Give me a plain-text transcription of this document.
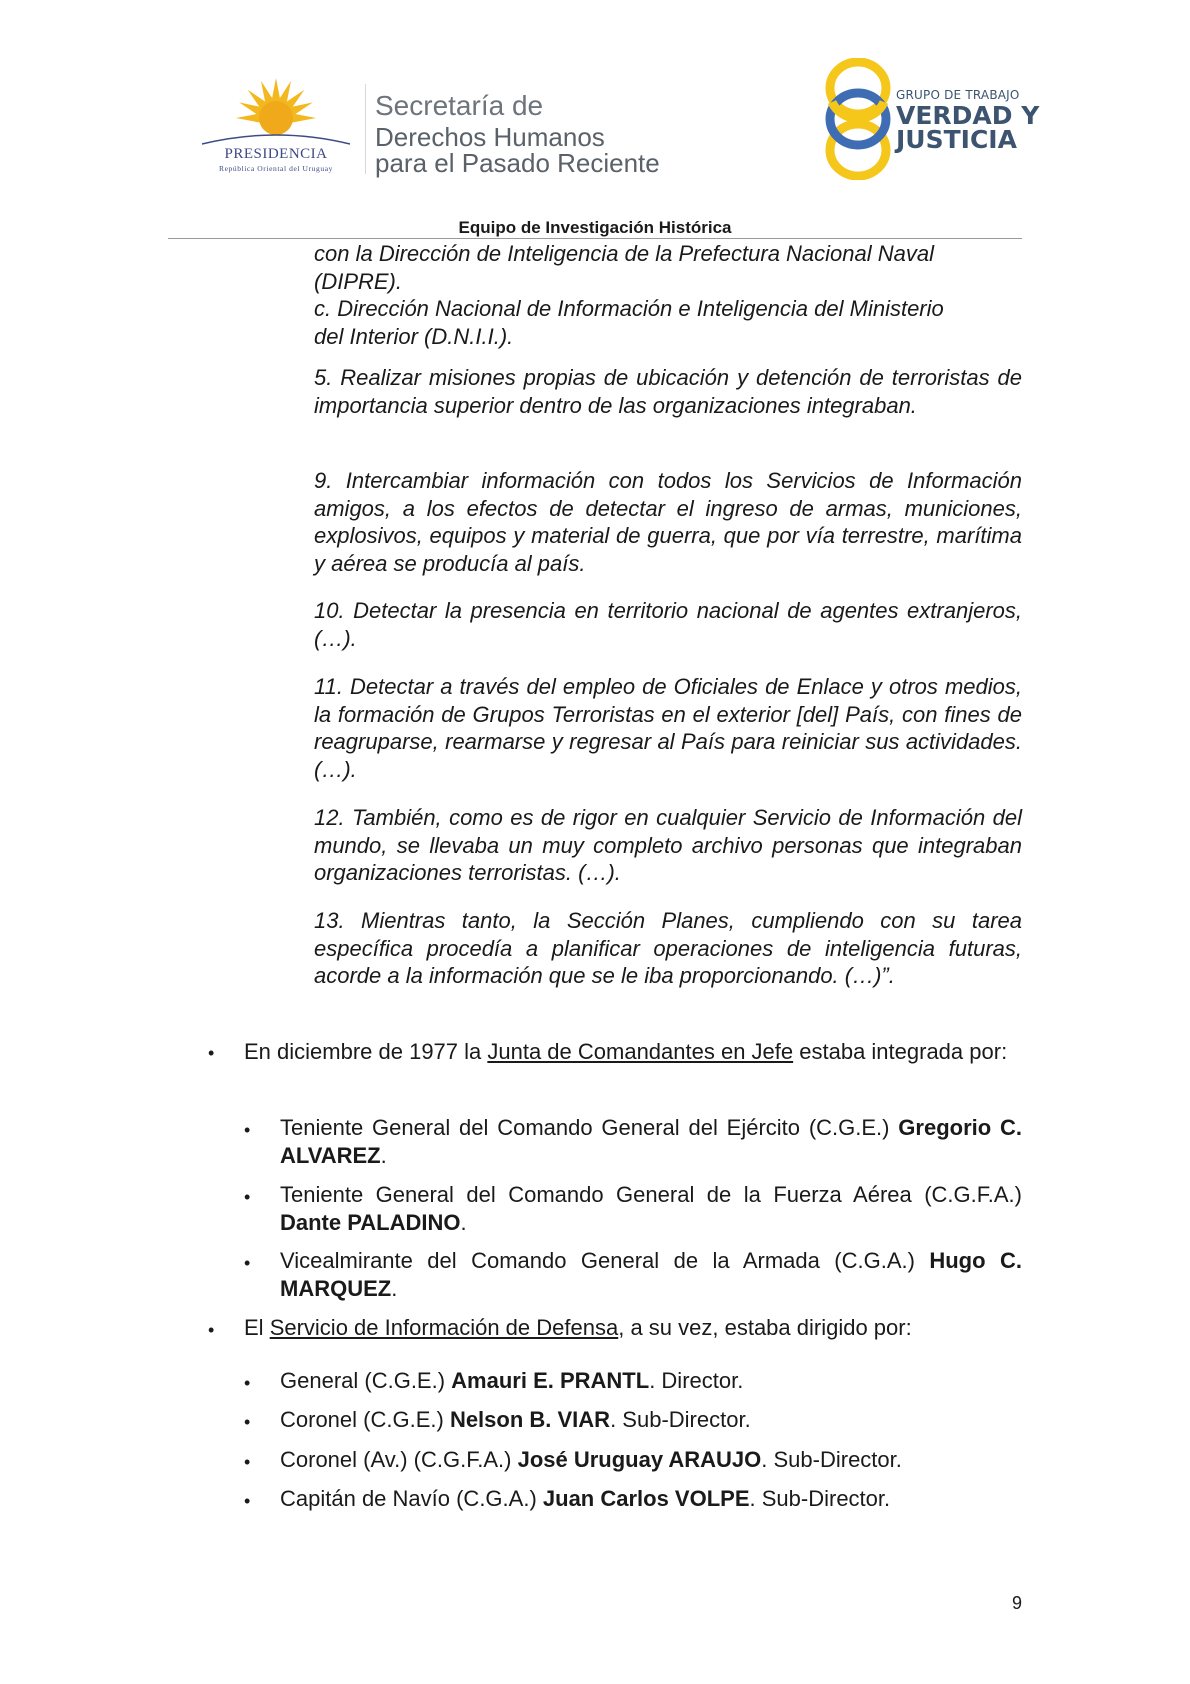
PRESIDENCIA
República Oriental del Uruguay
Secretaría de
Derechos Humanos
para el Pasado Reciente
GRUPO DE TRABAJO
VERDAD Y
JUSTICIA
Equipo de Investigación Histórica
con la Dirección de Inteligencia de la Prefectura Nacional Naval
(DIPRE).
c. Dirección Nacional de Información e Inteligencia del Ministerio
del Interior (D.N.I.I.).
5. Realizar misiones propias de ubicación y detención de terroristas de importancia superior dentro de las organizaciones integraban.
9. Intercambiar información con todos los Servicios de Información amigos, a los efectos de detectar el ingreso de armas, municiones, explosivos, equipos y material de guerra, que por vía terrestre, marítima y aérea se producía al país.
10. Detectar la presencia en territorio nacional de agentes extranjeros, (…).
11. Detectar a través del empleo de Oficiales de Enlace y otros medios, la formación de Grupos Terroristas en el exterior [del] País, con fines de reagruparse, rearmarse y regresar al País para reiniciar sus actividades. (…).
12. También, como es de rigor en cualquier Servicio de Información del mundo, se llevaba un muy completo archivo personas que integraban organizaciones terroristas. (…).
13. Mientras tanto, la Sección Planes, cumpliendo con su tarea específica procedía a planificar operaciones de inteligencia futuras, acorde a la información que se le iba proporcionando. (…)”.
• En diciembre de 1977 la Junta de Comandantes en Jefe estaba integrada por:
• Teniente General del Comando General del Ejército (C.G.E.) Gregorio C. ALVAREZ.
• Teniente General del Comando General de la Fuerza Aérea (C.G.F.A.) Dante PALADINO.
• Vicealmirante del Comando General de la Armada (C.G.A.) Hugo C. MARQUEZ.
• El Servicio de Información de Defensa, a su vez, estaba dirigido por:
• General (C.G.E.) Amauri E. PRANTL. Director.
• Coronel (C.G.E.) Nelson B. VIAR. Sub-Director.
• Coronel (Av.) (C.G.F.A.) José Uruguay ARAUJO. Sub-Director.
• Capitán de Navío (C.G.A.) Juan Carlos VOLPE. Sub-Director.
9
